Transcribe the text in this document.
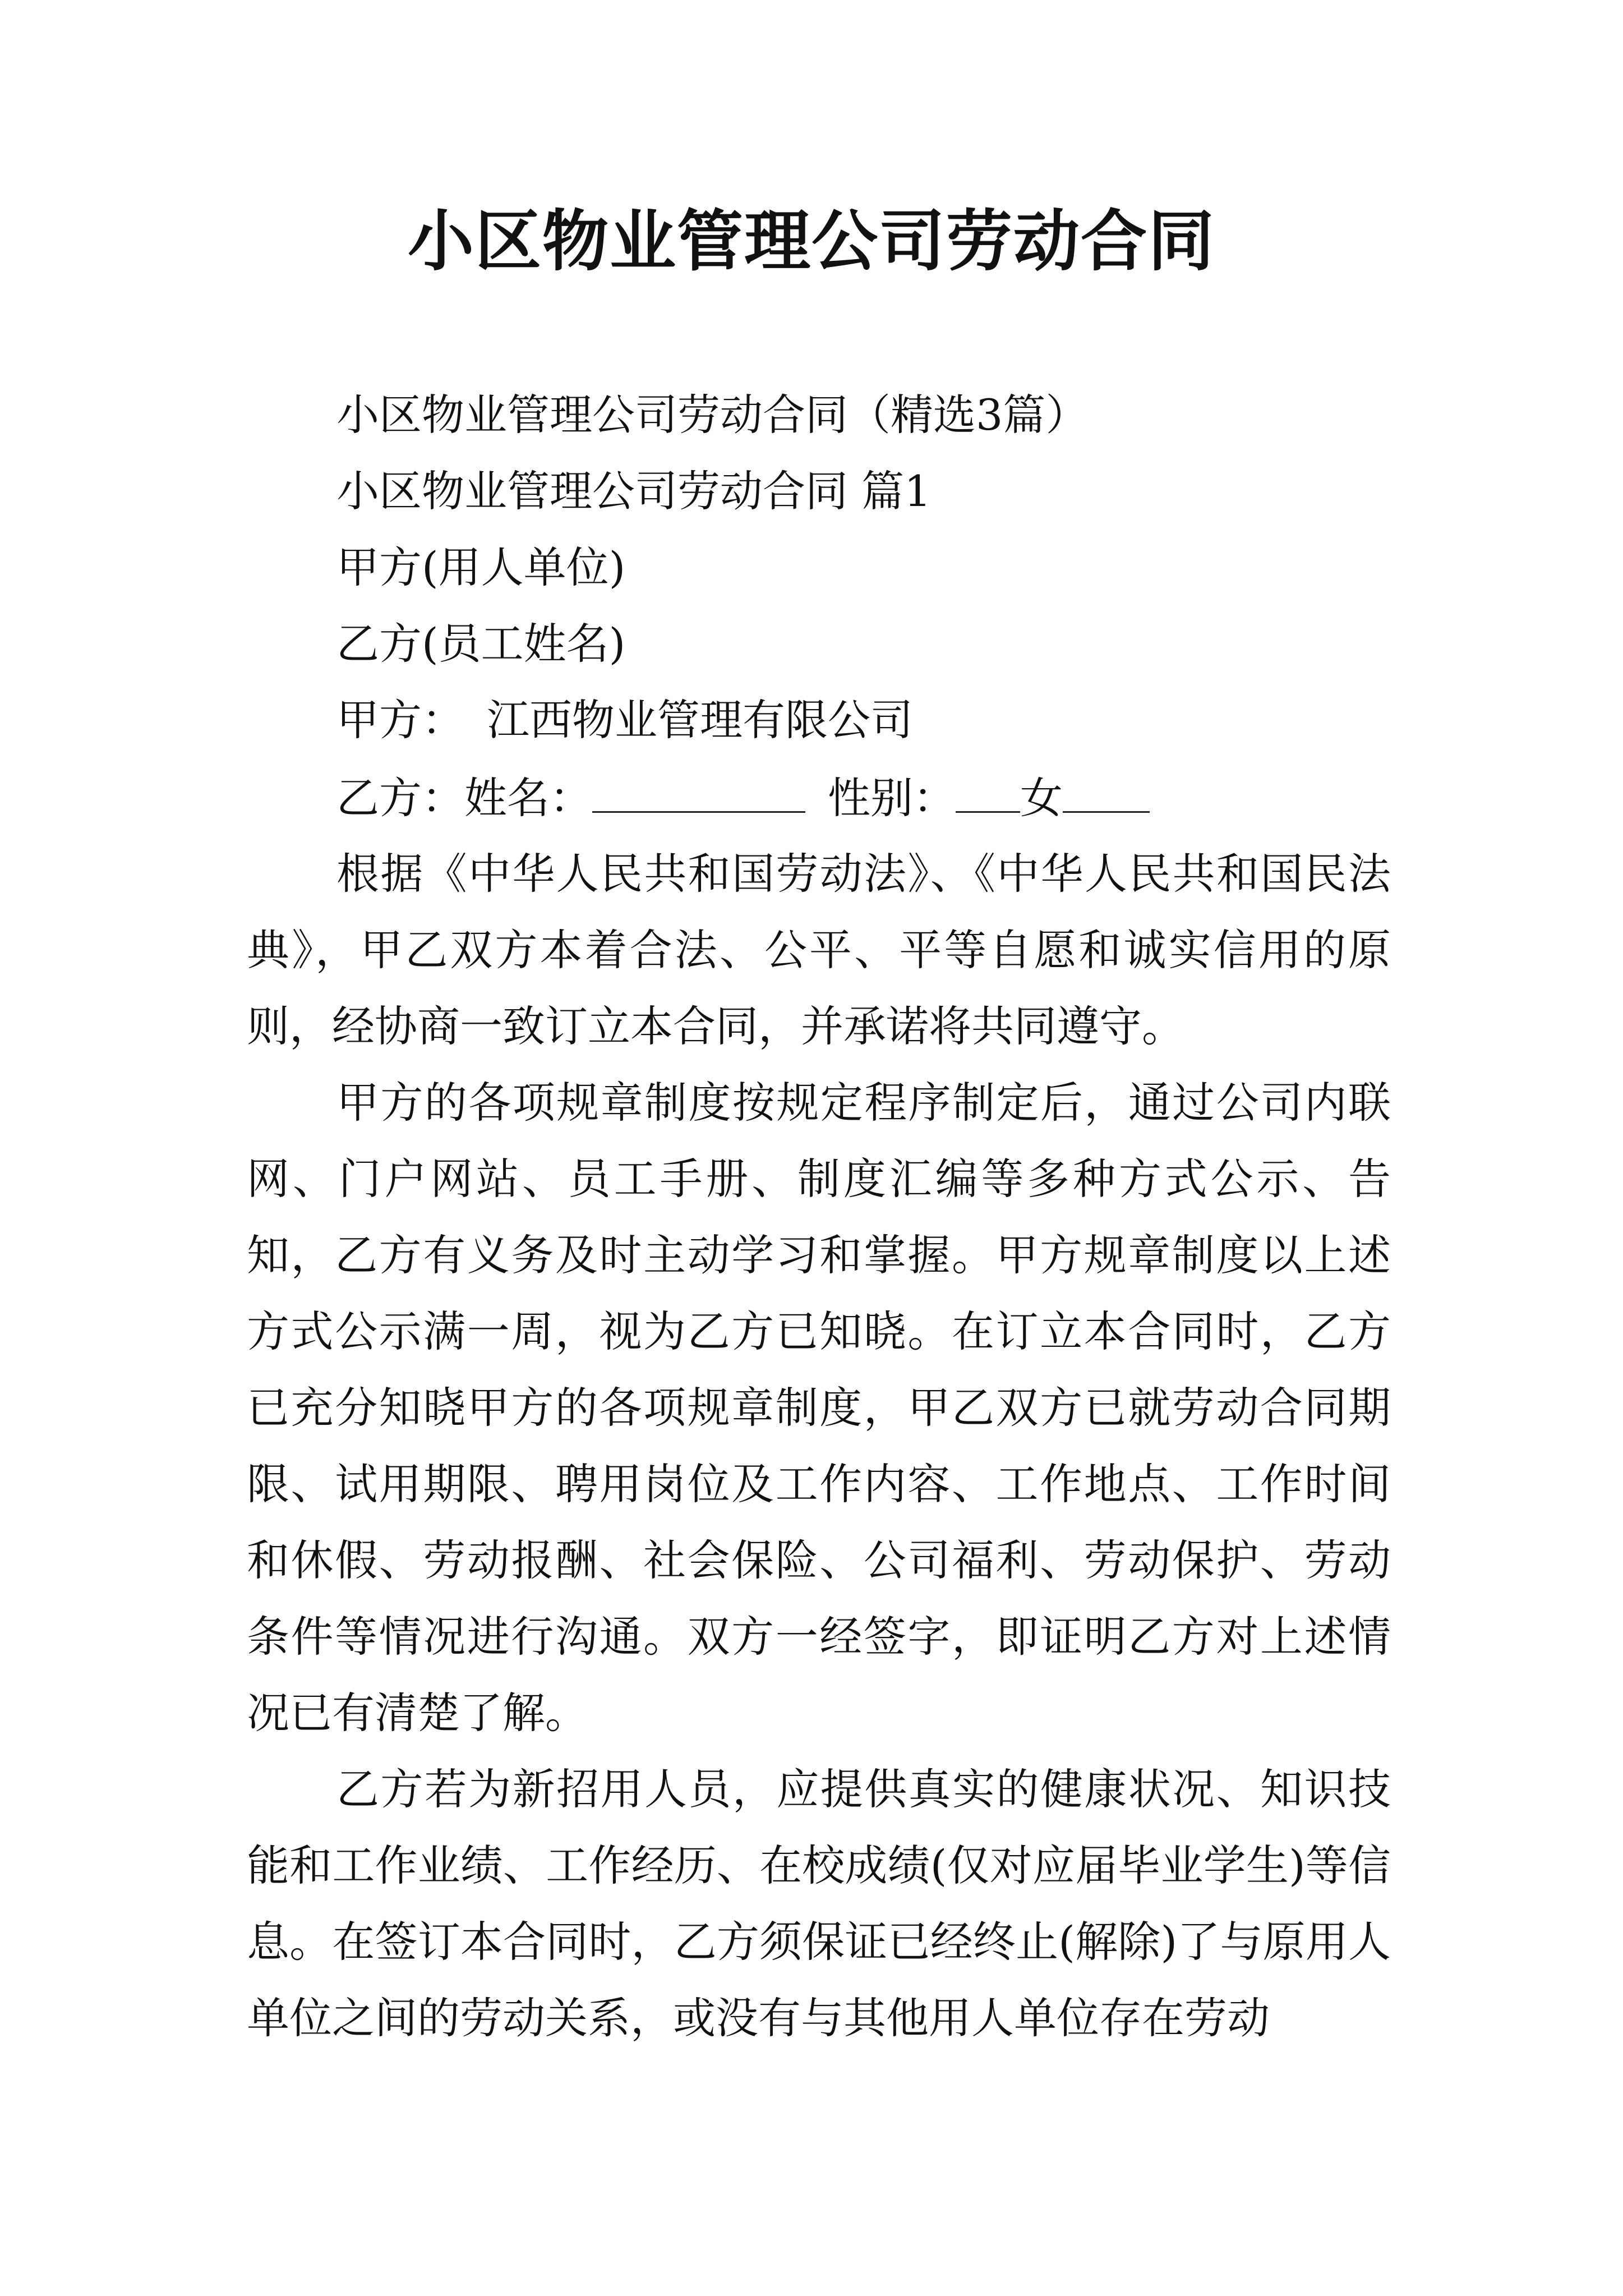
小区物业管理公司劳动合同

小区物业管理公司劳动合同（精选3篇）

小区物业管理公司劳动合同 篇1

甲方(用人单位)

乙方(员工姓名)

甲方： 江西物业管理有限公司

乙方：姓名：	性别： 女

根据《中华人民共和国劳动法》、《中华人民共和国民法典》，甲乙双方本着合法、公平、平等自愿和诚实信用的原则，经协商一致订立本合同，并承诺将共同遵守。

甲方的各项规章制度按规定程序制定后，通过公司内联网、门户网站、员工手册、制度汇编等多种方式公示、告知，乙方有义务及时主动学习和掌握。甲方规章制度以上述方式公示满一周，视为乙方已知晓。在订立本合同时，乙方已充分知晓甲方的各项规章制度，甲乙双方已就劳动合同期限、试用期限、聘用岗位及工作内容、工作地点、工作时间和休假、劳动报酬、社会保险、公司福利、劳动保护、劳动条件等情况进行沟通。双方一经签字，即证明乙方对上述情况已有清楚了解。

乙方若为新招用人员，应提供真实的健康状况、知识技能和工作业绩、工作经历、在校成绩(仅对应届毕业学生)等信息。在签订本合同时，乙方须保证已经终止(解除)了与原用人单位之间的劳动关系，或没有与其他用人单位存在劳动
